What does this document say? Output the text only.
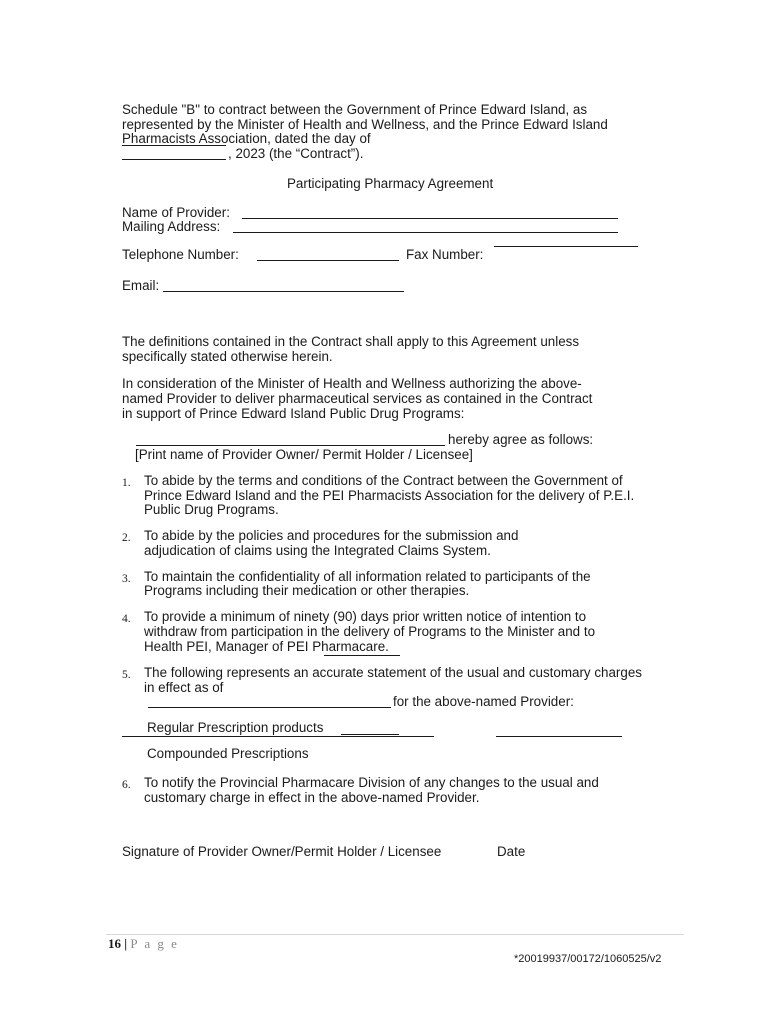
Schedule "B" to contract between the Government of Prince Edward Island, as
represented by the Minister of Health and Wellness, and the Prince Edward Island
Pharmacists Association, dated the day of
, 2023 (the “Contract”).
Participating Pharmacy Agreement
Name of Provider:
Mailing Address:
Telephone Number:	Fax Number:
Email:
The definitions contained in the Contract shall apply to this Agreement unless
specifically stated otherwise herein.
In consideration of the Minister of Health and Wellness authorizing the above-
named Provider to deliver pharmaceutical services as contained in the Contract
in support of Prince Edward Island Public Drug Programs:
hereby agree as follows:
[Print name of Provider Owner/ Permit Holder / Licensee]
1. To abide by the terms and conditions of the Contract between the Government of
Prince Edward Island and the PEI Pharmacists Association for the delivery of P.E.I.
Public Drug Programs.
2. To abide by the policies and procedures for the submission and
adjudication of claims using the Integrated Claims System.
3. To maintain the confidentiality of all information related to participants of the
Programs including their medication or other therapies.
4. To provide a minimum of ninety (90) days prior written notice of intention to
withdraw from participation in the delivery of Programs to the Minister and to
Health PEI, Manager of PEI Pharmacare.
5. The following represents an accurate statement of the usual and customary charges
in effect as of
for the above-named Provider:
Regular Prescription products
Compounded Prescriptions
6. To notify the Provincial Pharmacare Division of any changes to the usual and
customary charge in effect in the above-named Provider.
Signature of Provider Owner/Permit Holder / Licensee	Date
16 | P a g e
*20019937/00172/1060525/v2
